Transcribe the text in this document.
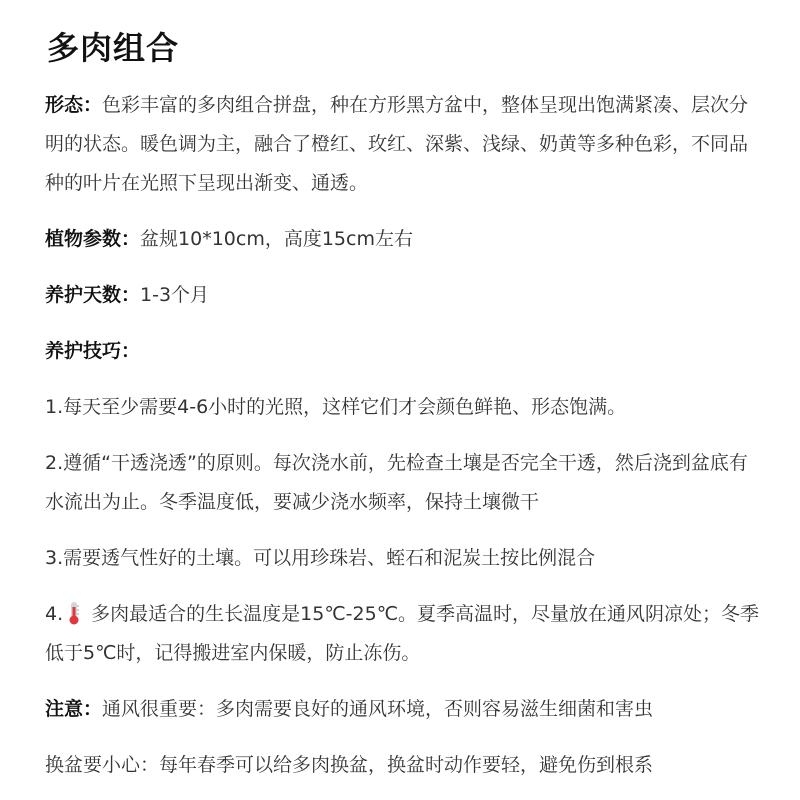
多肉组合
形态：色彩丰富的多肉组合拼盘，种在方形黑方盆中，整体呈现出饱满紧凑、层次分明的状态。暖色调为主，融合了橙红、玫红、深紫、浅绿、奶黄等多种色彩，不同品种的叶片在光照下呈现出渐变、通透。
植物参数：盆规10*10cm，高度15cm左右
养护天数：1-3个月
养护技巧：
1.每天至少需要4-6小时的光照，这样它们才会颜色鲜艳、形态饱满。
2.遵循“干透浇透”的原则。每次浇水前，先检查土壤是否完全干透，然后浇到盆底有水流出为止。冬季温度低，要减少浇水频率，保持土壤微干
3.需要透气性好的土壤。可以用珍珠岩、蛭石和泥炭土按比例混合
4. 多肉最适合的生长温度是15℃-25℃。夏季高温时，尽量放在通风阴凉处；冬季低于5℃时，记得搬进室内保暖，防止冻伤。
注意：通风很重要：多肉需要良好的通风环境，否则容易滋生细菌和害虫
换盆要小心：每年春季可以给多肉换盆，换盆时动作要轻，避免伤到根系
